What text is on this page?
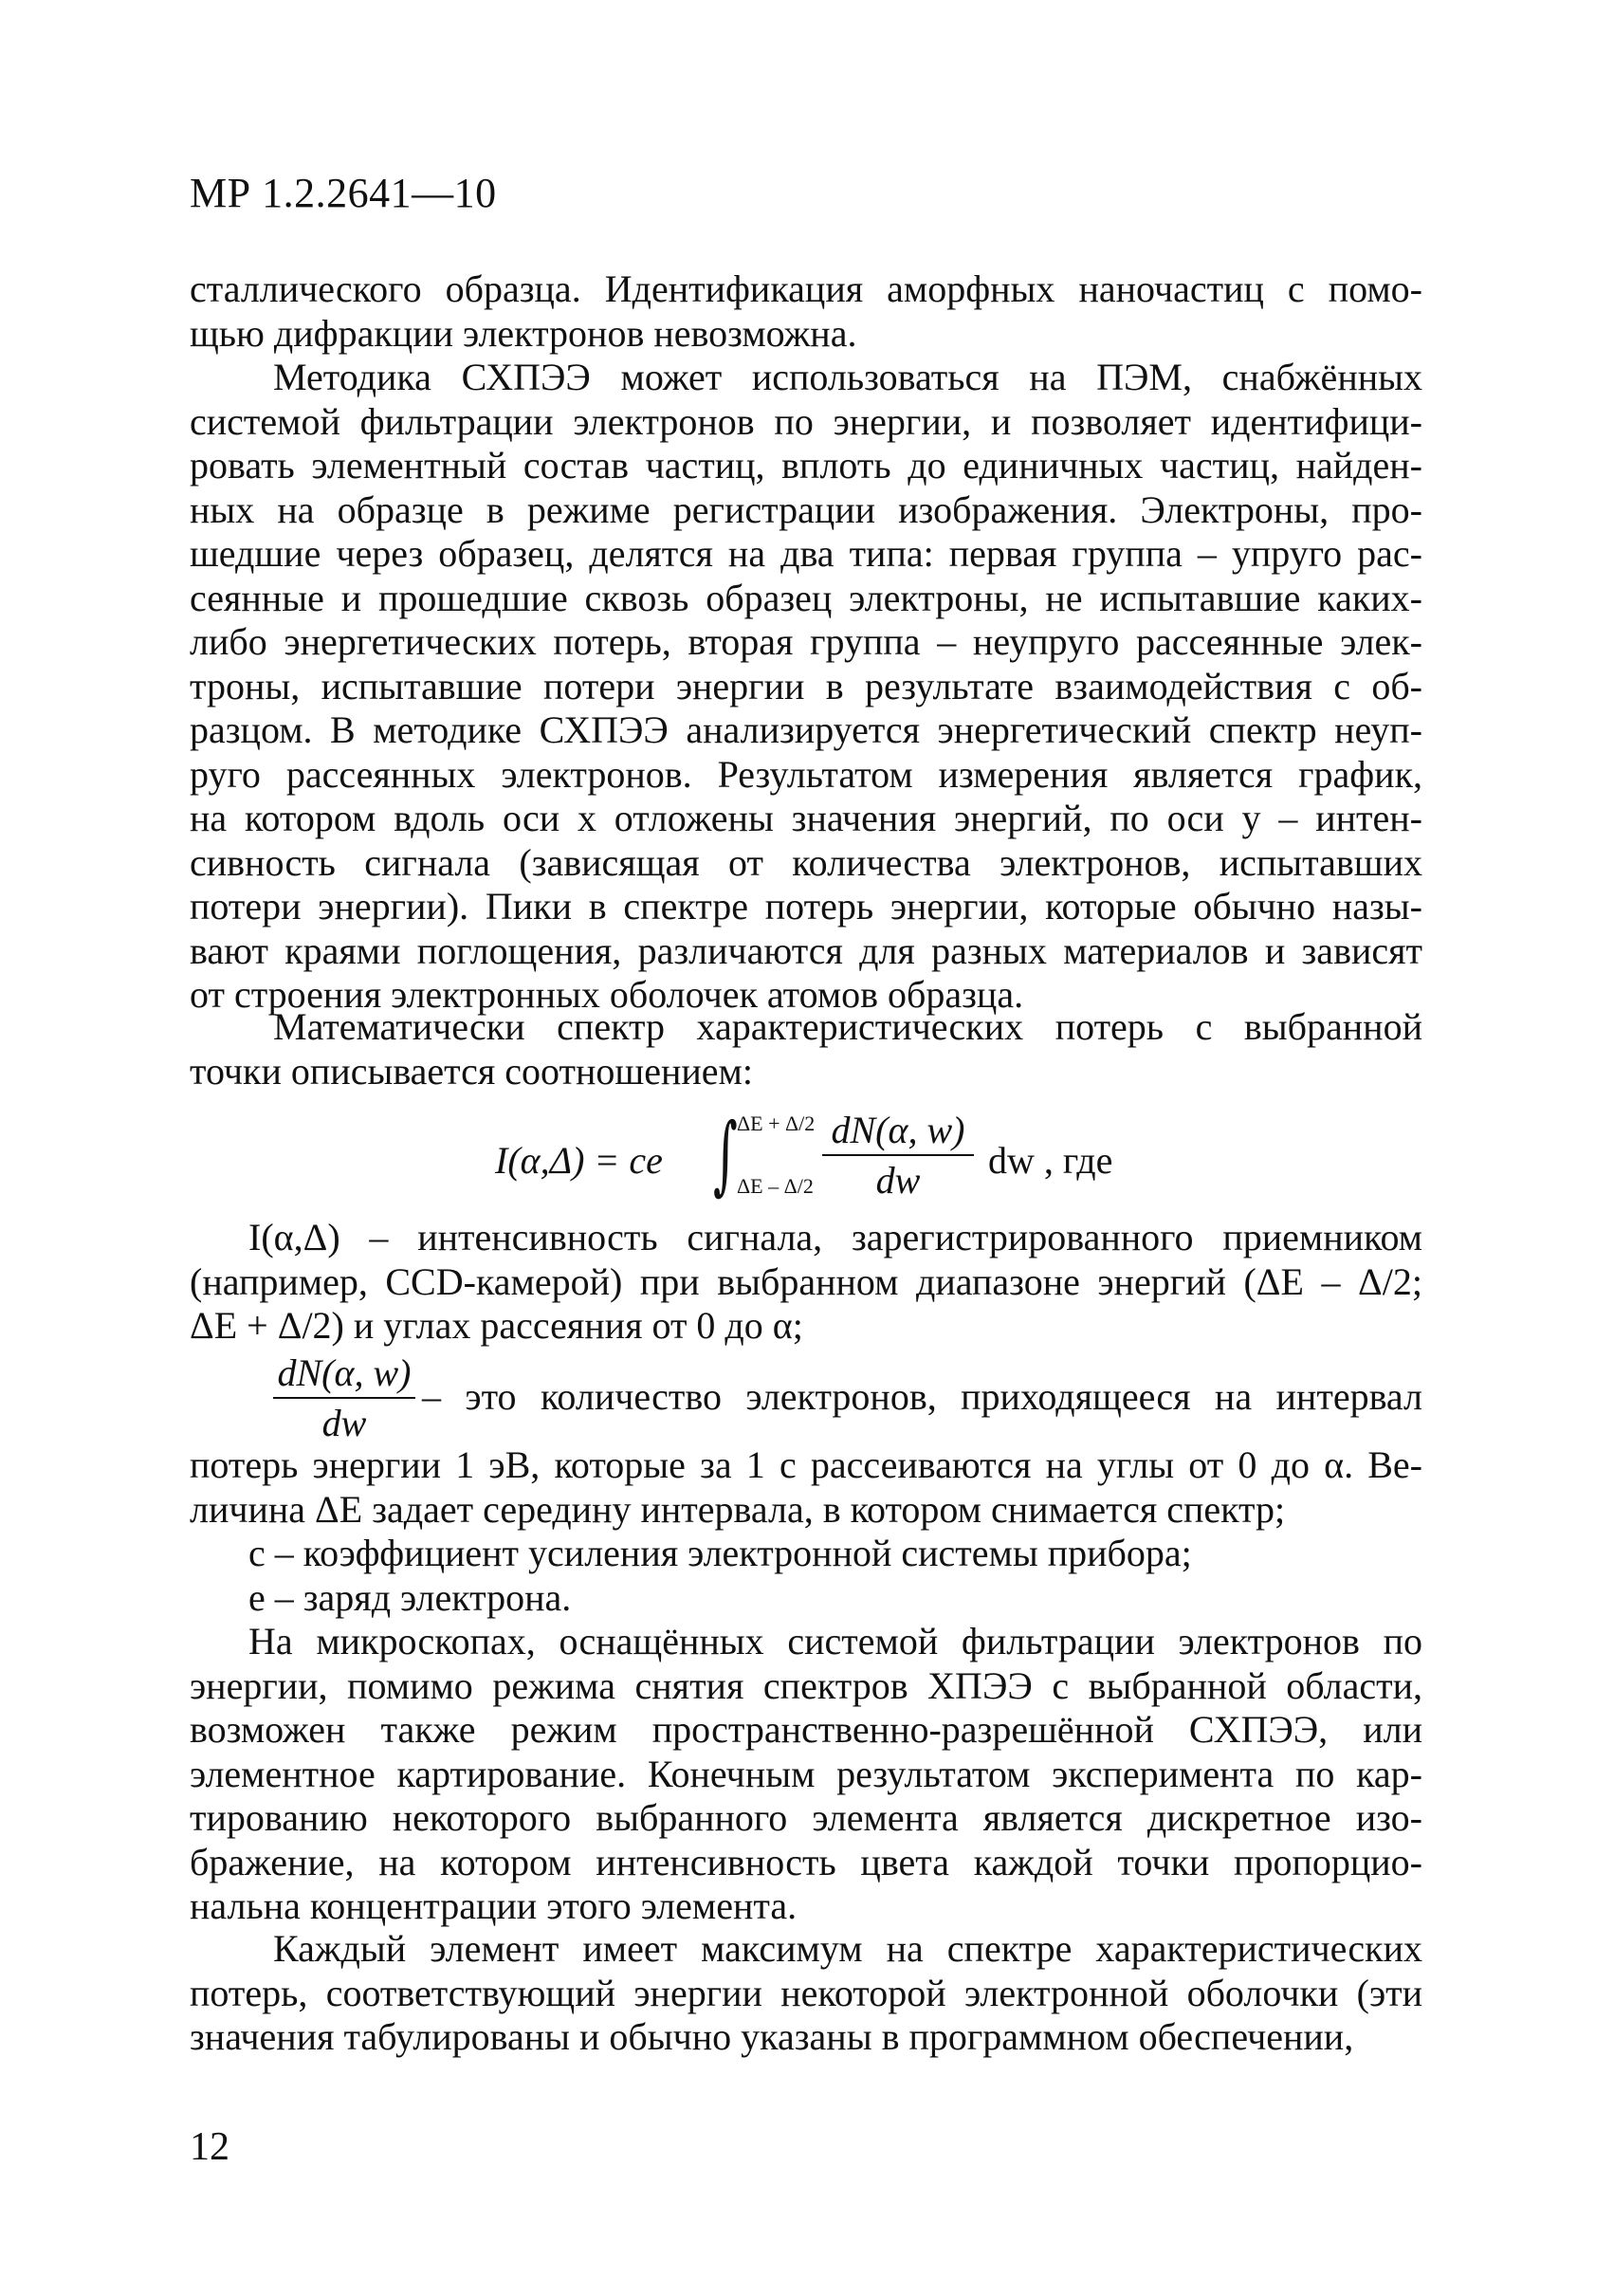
МР 1.2.2641—10
сталлического образца. Идентификация аморфных наночастиц с помо-
щью дифракции электронов невозможна.
Методика СХПЭЭ может использоваться на ПЭМ, снабжённых
системой фильтрации электронов по энергии, и позволяет идентифици-
ровать элементный состав частиц, вплоть до единичных частиц, найден-
ных на образце в режиме регистрации изображения. Электроны, про-
шедшие через образец, делятся на два типа: первая группа – упруго рас-
сеянные и прошедшие сквозь образец электроны, не испытавшие каких-
либо энергетических потерь, вторая группа – неупруго рассеянные элек-
троны, испытавшие потери энергии в результате взаимодействия с об-
разцом. В методике СХПЭЭ анализируется энергетический спектр неуп-
руго рассеянных электронов. Результатом измерения является график,
на котором вдоль оси x отложены значения энергий, по оси y – интен-
сивность сигнала (зависящая от количества электронов, испытавших
потери энергии). Пики в спектре потерь энергии, которые обычно назы-
вают краями поглощения, различаются для разных материалов и зависят
от строения электронных оболочек атомов образца.
Математически спектр характеристических потерь с выбранной
точки описывается соотношением:
I(α,Δ) = ce ∫ ΔE + Δ/2
ΔE – $\Delta/2 \frac{dN(\alpha, w)}{dw}$ dw , где
I(α,Δ) – интенсивность сигнала, зарегистрированного приемником
(например, CCD-камерой) при выбранном диапазоне энергий (ΔE – Δ/2;
ΔE + Δ/2) и углах рассеяния от 0 до α;
$\frac{dN(\alpha, w)}{dw}$ – это количество электронов, приходящееся на интервал
потерь энергии 1 эВ, которые за 1 с рассеиваются на углы от 0 до α. Ве-
личина ΔE задает середину интервала, в котором снимается спектр;
c – коэффициент усиления электронной системы прибора;
e – заряд электрона.
На микроскопах, оснащённых системой фильтрации электронов по
энергии, помимо режима снятия спектров ХПЭЭ с выбранной области,
возможен также режим пространственно-разрешённой СХПЭЭ, или
элементное картирование. Конечным результатом эксперимента по кар-
тированию некоторого выбранного элемента является дискретное изо-
бражение, на котором интенсивность цвета каждой точки пропорцио-
нальна концентрации этого элемента.
Каждый элемент имеет максимум на спектре характеристических
потерь, соответствующий энергии некоторой электронной оболочки (эти
значения табулированы и обычно указаны в программном обеспечении,
12
